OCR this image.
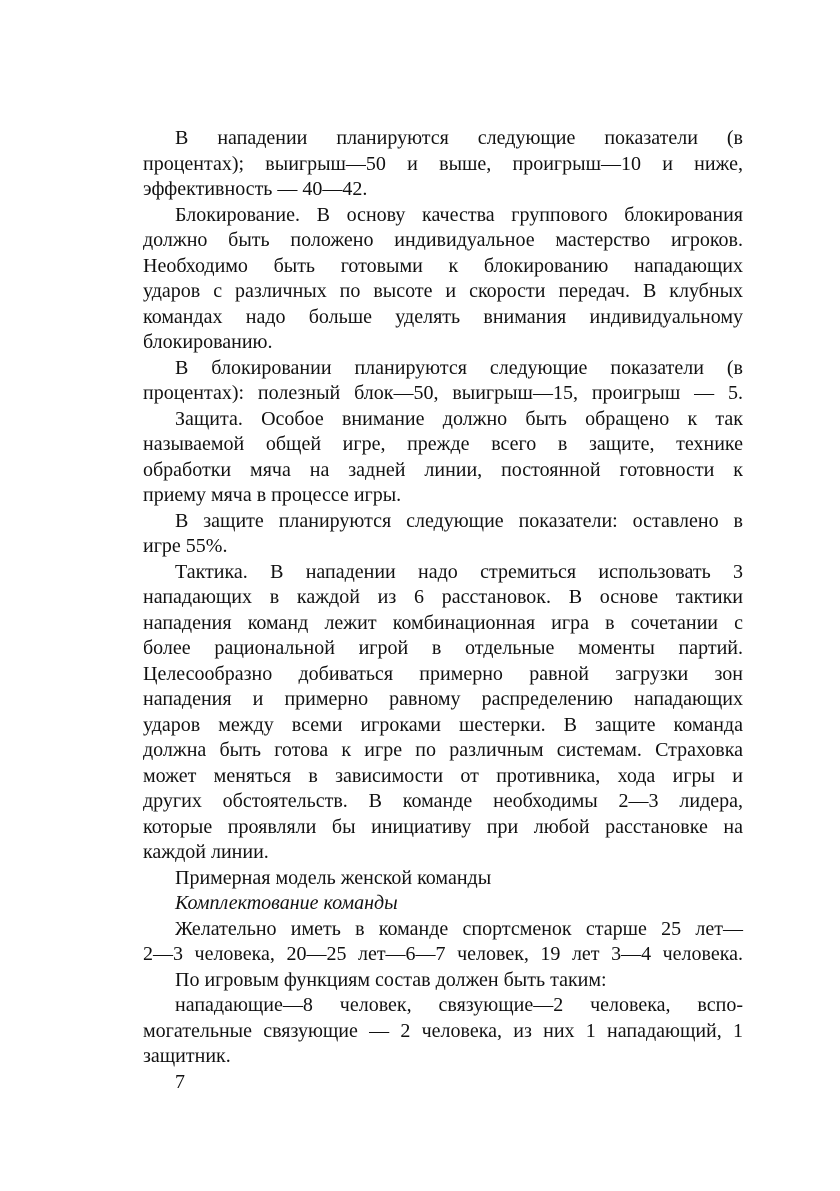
В нападении планируются следующие показатели (в
процентах); выигрыш—50 и выше, проигрыш—10 и ниже,
эффективность — 40—42.
Блокирование. В основу качества группового блокирования
должно быть положено индивидуальное мастерство игроков.
Необходимо быть готовыми к блокированию нападающих
ударов с различных по высоте и скорости передач. В клубных
командах надо больше уделять внимания индивидуальному
блокированию.
В блокировании планируются следующие показатели (в
процентах): полезный блок—50, выигрыш—15, проигрыш — 5.
Защита. Особое внимание должно быть обращено к так
называемой общей игре, прежде всего в защите, технике
обработки мяча на задней линии, постоянной готовности к
приему мяча в процессе игры.
В защите планируются следующие показатели: оставлено в
игре 55%.
Тактика. В нападении надо стремиться использовать 3
нападающих в каждой из 6 расстановок. В основе тактики
нападения команд лежит комбинационная игра в сочетании с
более рациональной игрой в отдельные моменты партий.
Целесообразно добиваться примерно равной загрузки зон
нападения и примерно равному распределению нападающих
ударов между всеми игроками шестерки. В защите команда
должна быть готова к игре по различным системам. Страховка
может меняться в зависимости от противника, хода игры и
других обстоятельств. В команде необходимы 2—3 лидера,
которые проявляли бы инициативу при любой расстановке на
каждой линии.
Примерная модель женской команды
Комплектование команды
Желательно иметь в команде спортсменок старше 25 лет—
2—3 человека, 20—25 лет—6—7 человек, 19 лет 3—4 человека.
По игровым функциям состав должен быть таким:
нападающие—8 человек, связующие—2 человека, вспо-
могательные связующие — 2 человека, из них 1 нападающий, 1
защитник.
7
